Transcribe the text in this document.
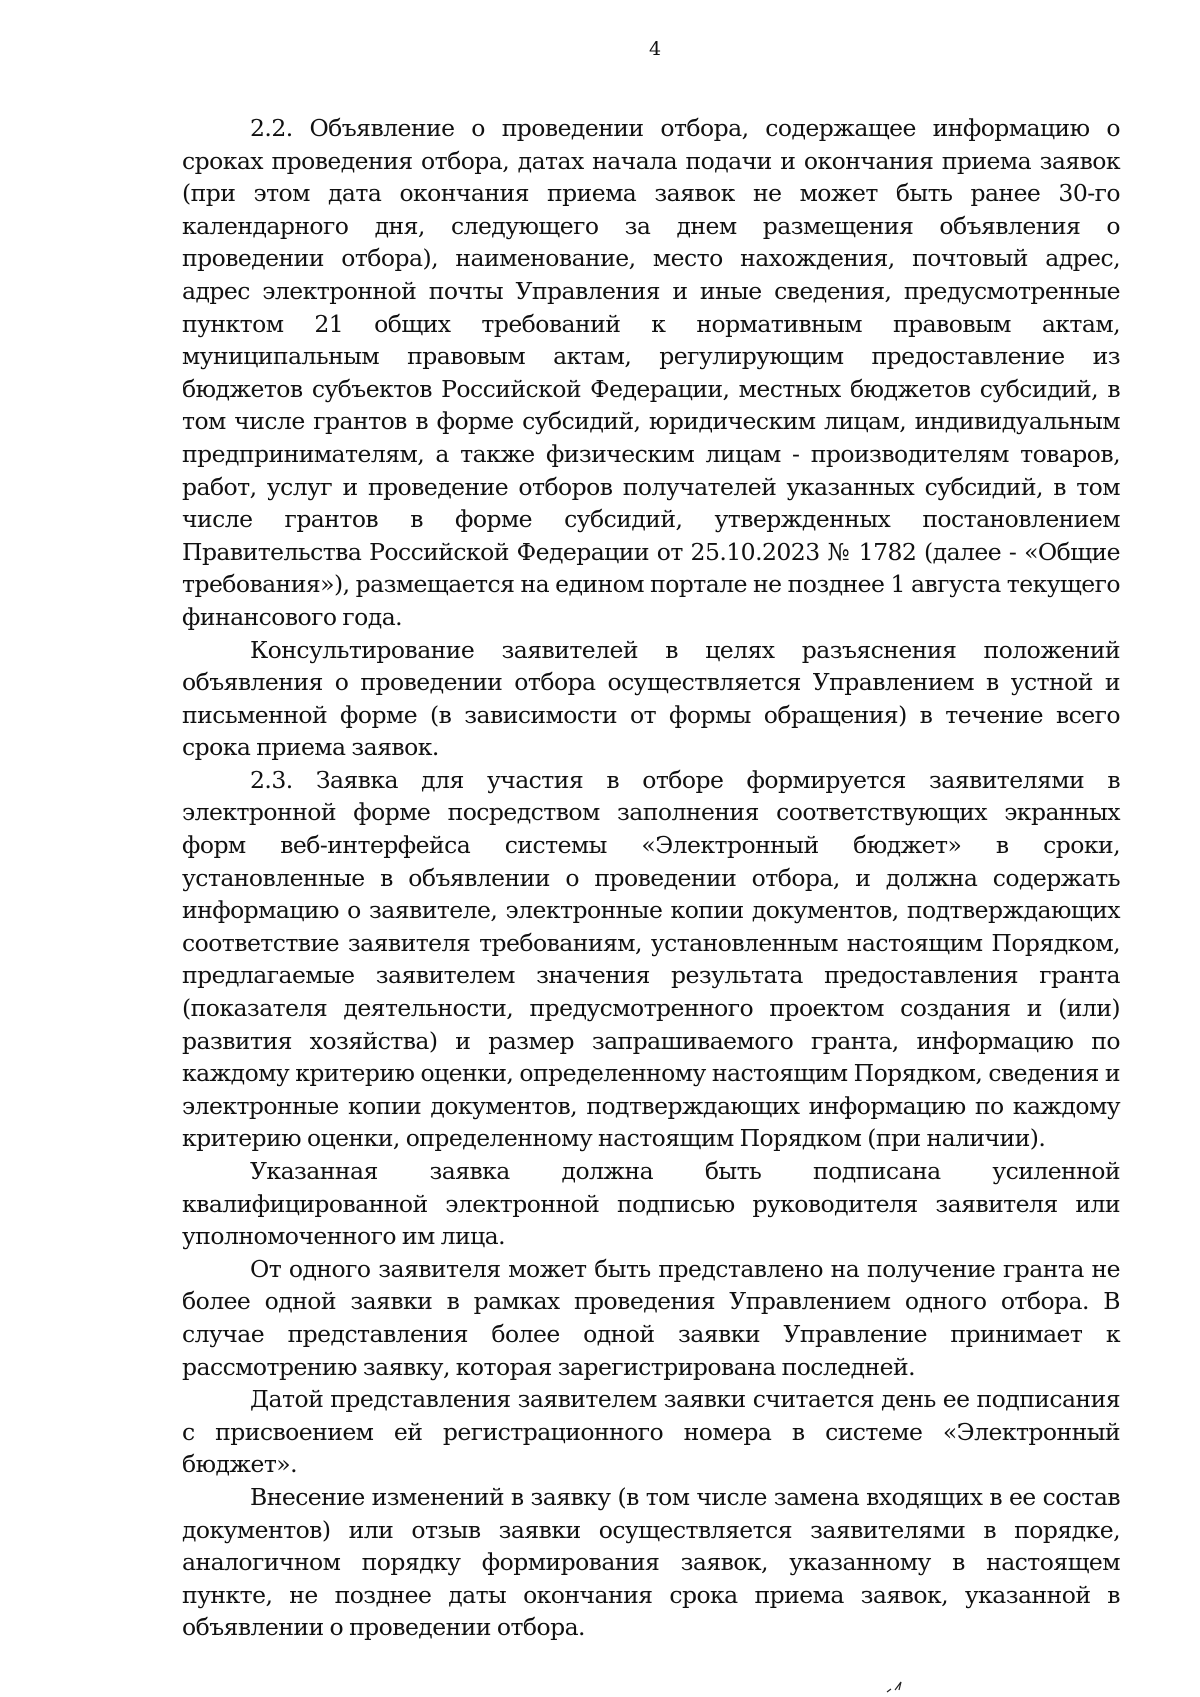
4

2.2. Объявление о проведении отбора, содержащее информацию о сроках проведения отбора, датах начала подачи и окончания приема заявок (при этом дата окончания приема заявок не может быть ранее 30-го календарного дня, следующего за днем размещения объявления о проведении отбора), наименование, место нахождения, почтовый адрес, адрес электронной почты Управления и иные сведения, предусмотренные пунктом 21 общих требований к нормативным правовым актам, муниципальным правовым актам, регулирующим предоставление из бюджетов субъектов Российской Федерации, местных бюджетов субсидий, в том числе грантов в форме субсидий, юридическим лицам, индивидуальным предпринимателям, а также физическим лицам - производителям товаров, работ, услуг и проведение отборов получателей указанных субсидий, в том числе грантов в форме субсидий, утвержденных постановлением Правительства Российской Федерации от 25.10.2023 № 1782 (далее - «Общие требования»), размещается на едином портале не позднее 1 августа текущего финансового года.

Консультирование заявителей в целях разъяснения положений объявления о проведении отбора осуществляется Управлением в устной и письменной форме (в зависимости от формы обращения) в течение всего срока приема заявок.

2.3. Заявка для участия в отборе формируется заявителями в электронной форме посредством заполнения соответствующих экранных форм веб-интерфейса системы «Электронный бюджет» в сроки, установленные в объявлении о проведении отбора, и должна содержать информацию о заявителе, электронные копии документов, подтверждающих соответствие заявителя требованиям, установленным настоящим Порядком, предлагаемые заявителем значения результата предоставления гранта (показателя деятельности, предусмотренного проектом создания и (или) развития хозяйства) и размер запрашиваемого гранта, информацию по каждому критерию оценки, определенному настоящим Порядком, сведения и электронные копии документов, подтверждающих информацию по каждому критерию оценки, определенному настоящим Порядком (при наличии).

Указанная заявка должна быть подписана усиленной квалифицированной электронной подписью руководителя заявителя или уполномоченного им лица.

От одного заявителя может быть представлено на получение гранта не более одной заявки в рамках проведения Управлением одного отбора. В случае представления более одной заявки Управление принимает к рассмотрению заявку, которая зарегистрирована последней.

Датой представления заявителем заявки считается день ее подписания с присвоением ей регистрационного номера в системе «Электронный бюджет».

Внесение изменений в заявку (в том числе замена входящих в ее состав документов) или отзыв заявки осуществляется заявителями в порядке, аналогичном порядку формирования заявок, указанному в настоящем пункте, не позднее даты окончания срока приема заявок, указанной в объявлении о проведении отбора.
